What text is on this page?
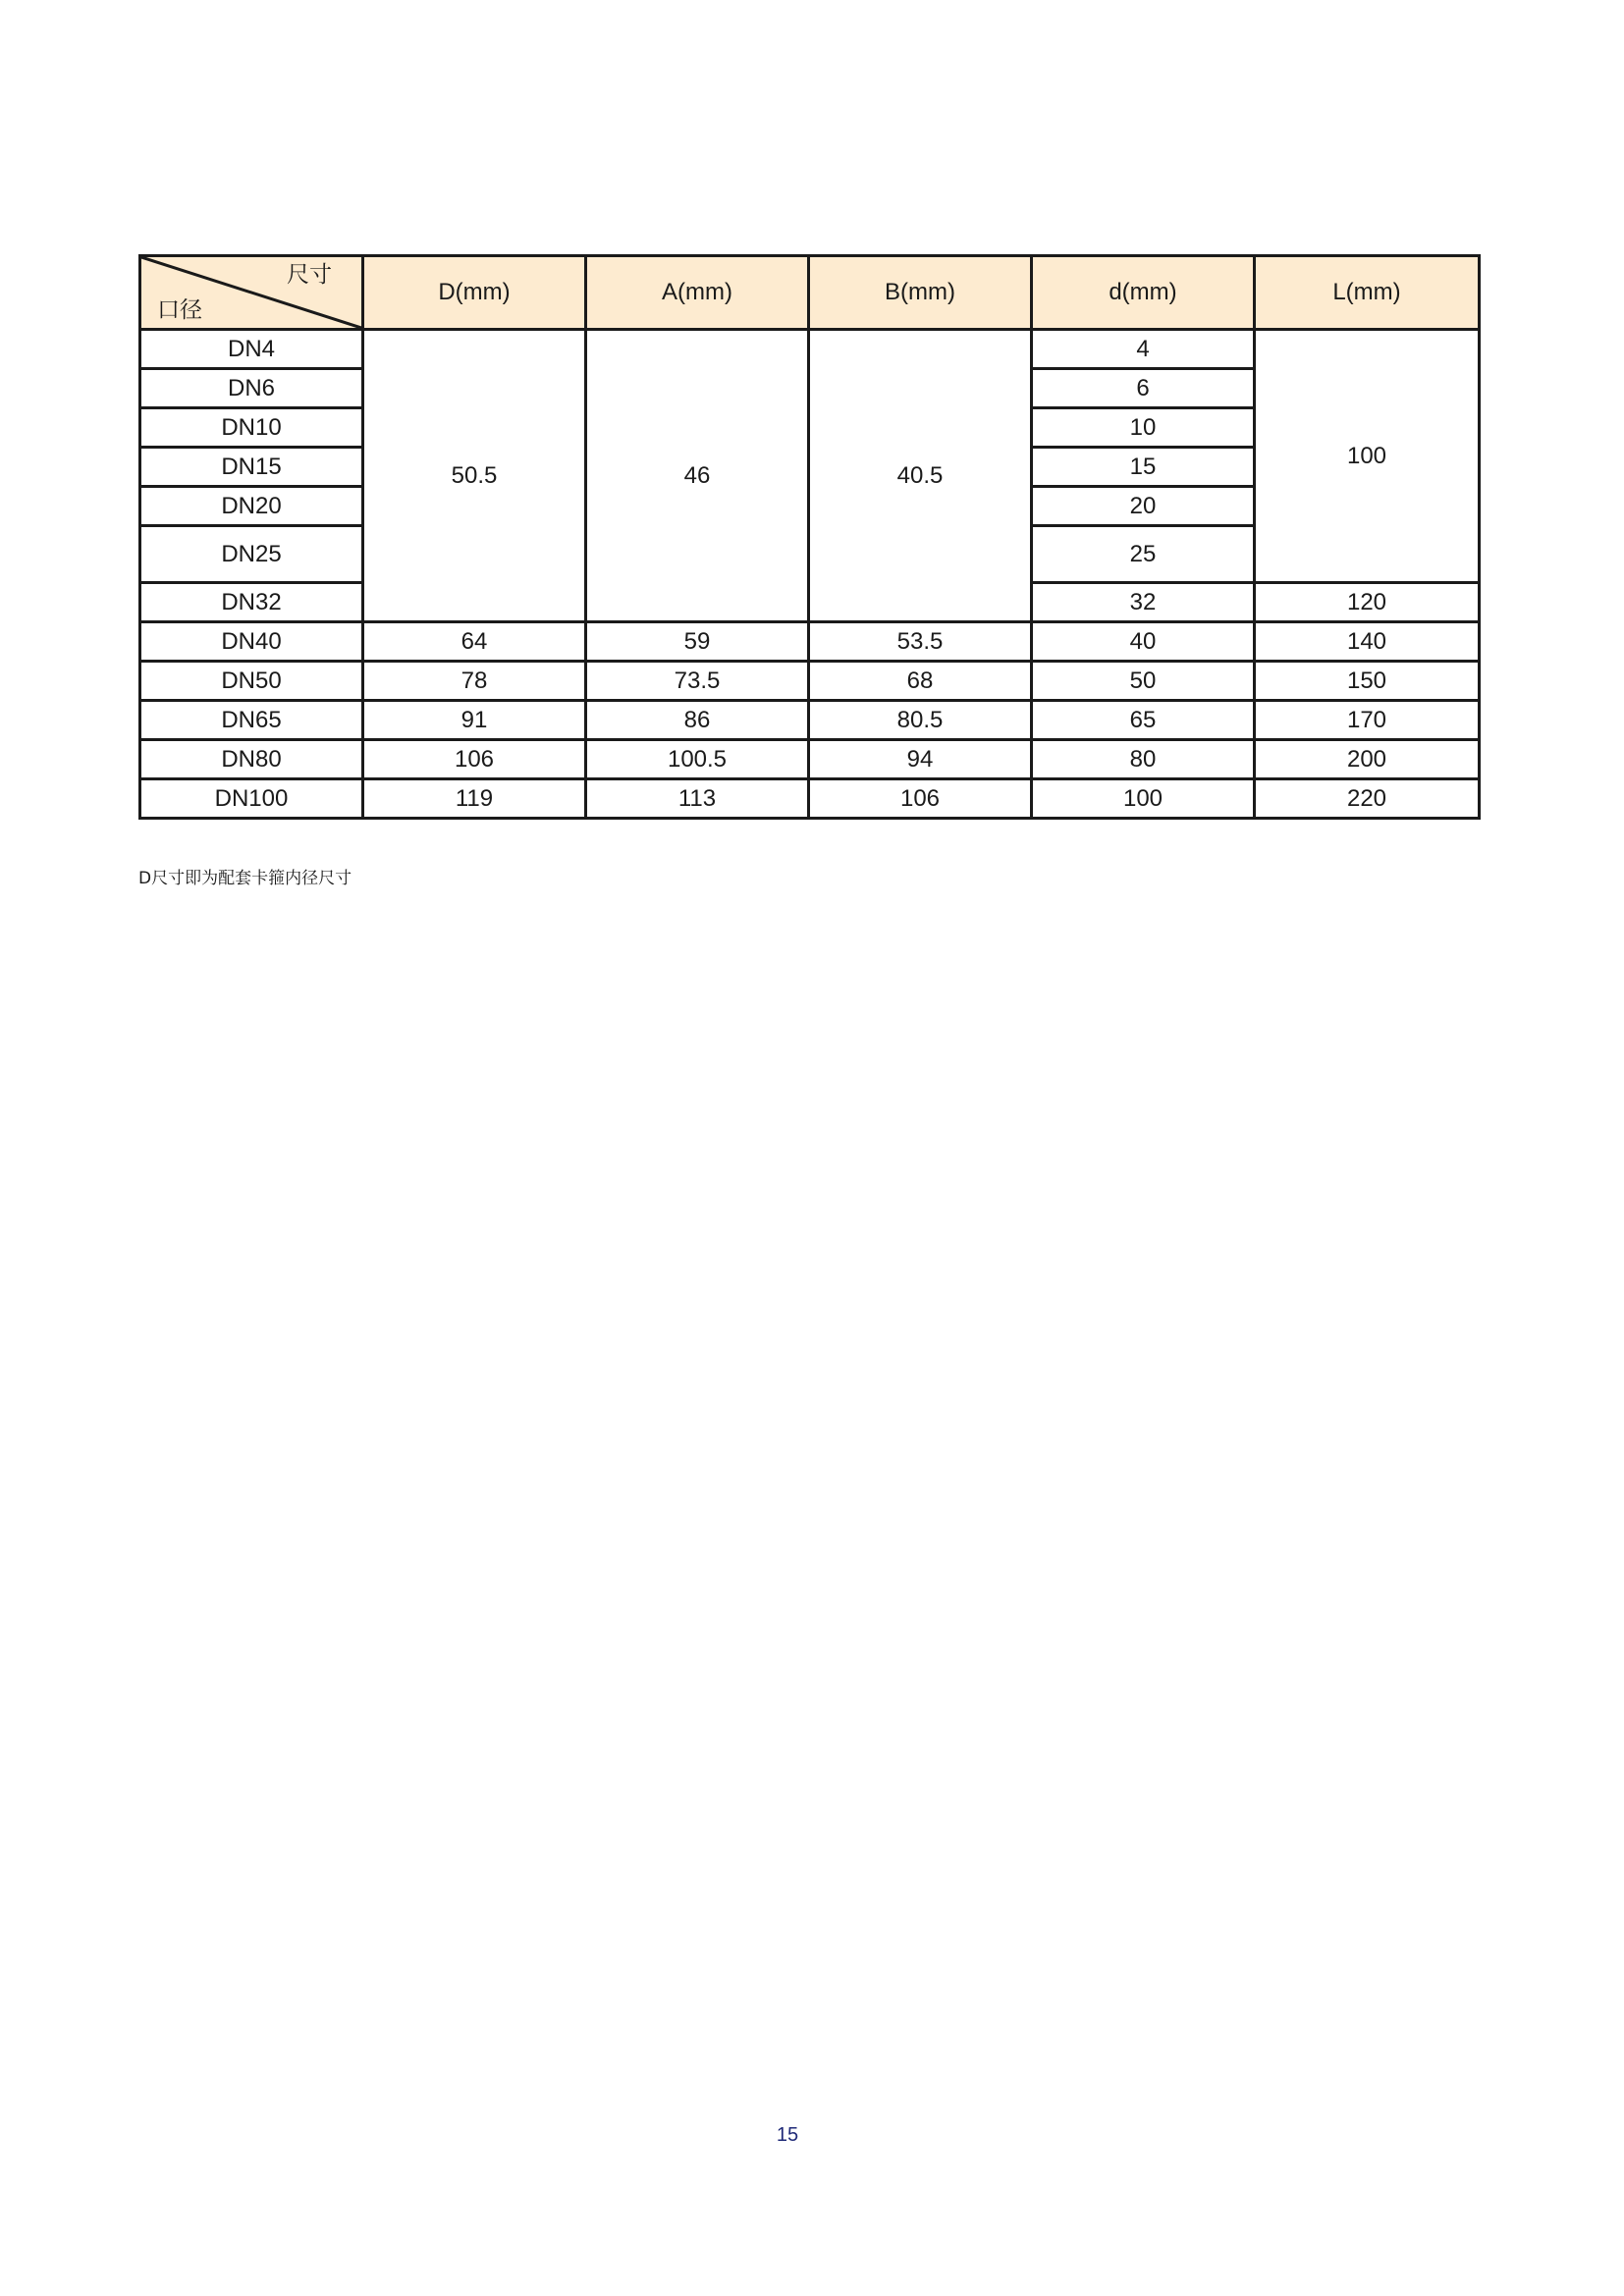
尺寸
口径	D(mm)	A(mm)	B(mm)	d(mm)	L(mm)
DN4	50.5	46	40.5	4	100
DN6				6	
DN10				10	
DN15				15	
DN20				20	
DN25				25	
DN32				32	120
DN40	64	59	53.5	40	140
DN50	78	73.5	68	50	150
DN65	91	86	80.5	65	170
DN80	106	100.5	94	80	200
DN100	119	113	106	100	220
D尺寸即为配套卡箍内径尺寸
15
